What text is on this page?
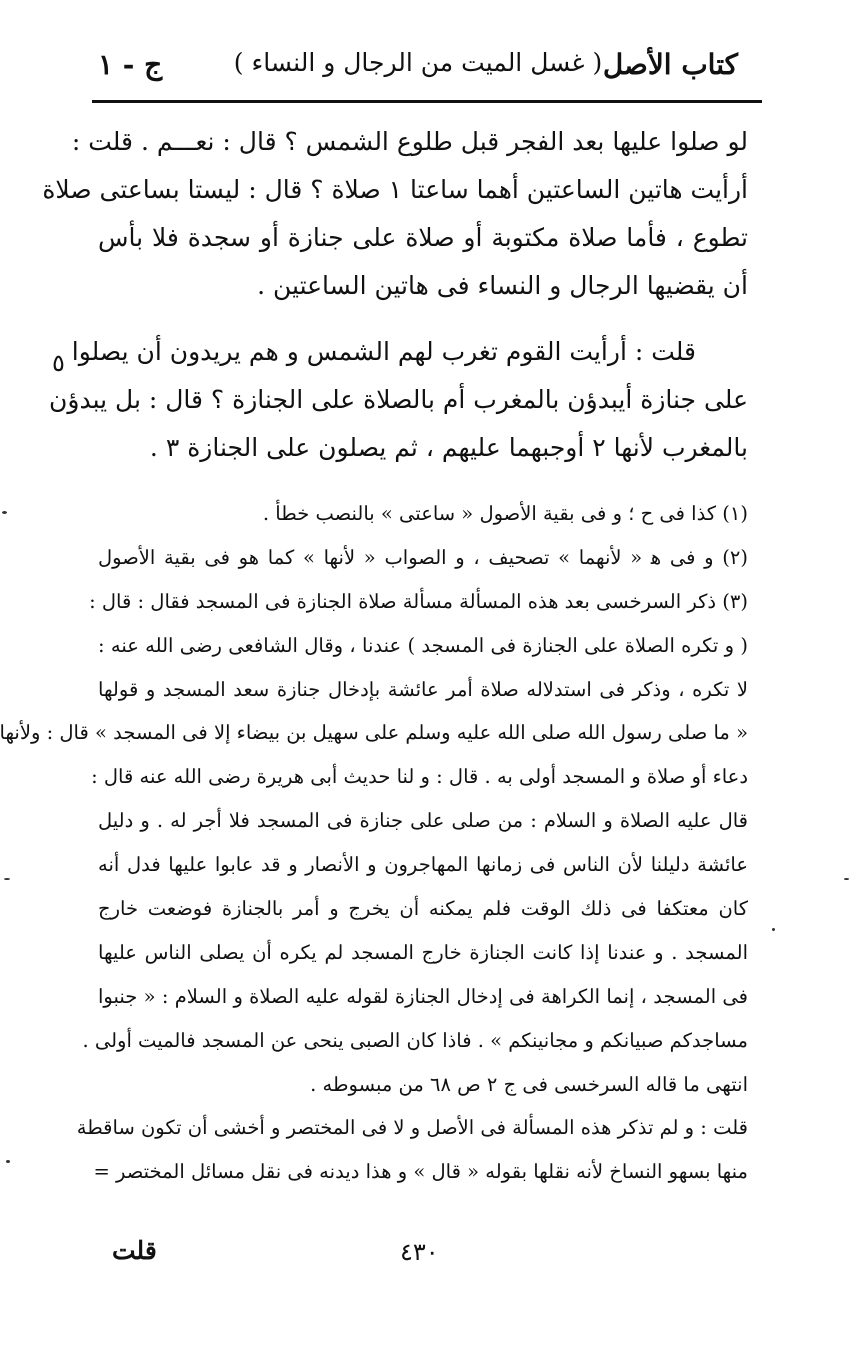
كتاب الأصل
( غسل الميت من الرجال و النساء )
ج - ١
لو صلوا عليها بعد الفجر قبل طلوع الشمس ؟ قال : نعـــم . قلت :
أرأيت هاتين الساعتين أهما ساعتا ١ صلاة ؟ قال : ليستا بساعتى صلاة
تطوع ، فأما صلاة مكتوبة أو صلاة على جنازة أو سجدة فلا بأس
أن يقضيها الرجال و النساء فى هاتين الساعتين .
قلت : أرأيت القوم تغرب لهم الشمس و هم يريدون أن يصلوا
على جنازة أيبدؤن بالمغرب أم بالصلاة على الجنازة ؟ قال : بل يبدؤن
بالمغرب لأنها ٢ أوجبهما عليهم ، ثم يصلون على الجنازة ٣ .
٥
(١) كذا فى ح ؛ و فى بقية الأصول « ساعتى » بالنصب خطأ .
(٢) و فى ﻫ « لأنهما » تصحيف ، و الصواب « لأنها » كما هو فى بقية الأصول
(٣) ذكر السرخسى بعد هذه المسألة مسألة صلاة الجنازة فى المسجد فقال : قال :
( و تكره الصلاة على الجنازة فى المسجد ) عندنا ، وقال الشافعى رضى الله عنه :
لا تكره ، وذكر فى استدلاله صلاة أمر عائشة بإدخال جنازة سعد المسجد و قولها
« ما صلى رسول الله صلى الله عليه وسلم على سهيل بن بيضاء إلا فى المسجد » قال : ولأنها
دعاء أو صلاة و المسجد أولى به . قال : و لنا حديث أبى هريرة رضى الله عنه قال :
قال عليه الصلاة و السلام : من صلى على جنازة فى المسجد فلا أجر له . و دليل
عائشة دليلنا لأن الناس فى زمانها المهاجرون و الأنصار و قد عابوا عليها فدل أنه
كان معتكفا فى ذلك الوقت فلم يمكنه أن يخرج و أمر بالجنازة فوضعت خارج
المسجد . و عندنا إذا كانت الجنازة خارج المسجد لم يكره أن يصلى الناس عليها
فى المسجد ، إنما الكراهة فى إدخال الجنازة لقوله عليه الصلاة و السلام : « جنبوا
مساجدكم صبيانكم و مجانينكم » . فاذا كان الصبى ينحى عن المسجد فالميت أولى .
انتهى ما قاله السرخسى فى ج ٢ ص ٦٨ من مبسوطه .
قلت : و لم تذكر هذه المسألة فى الأصل و لا فى المختصر و أخشى أن تكون ساقطة
منها بسهو النساخ لأنه نقلها بقوله « قال » و هذا ديدنه فى نقل مسائل المختصر =
٤٣٠
قلت
